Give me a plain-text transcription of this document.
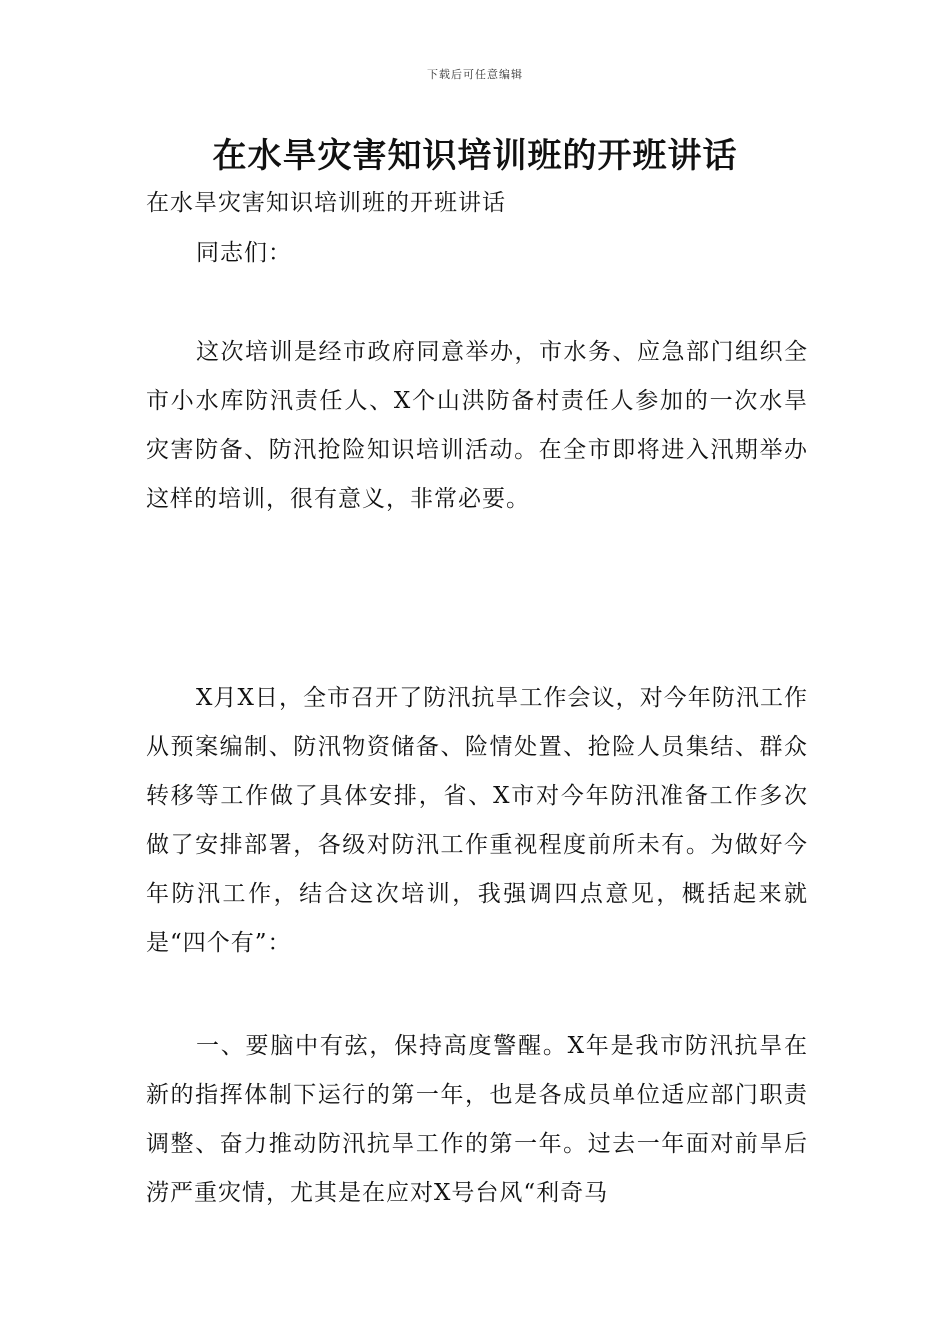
下载后可任意编辑
在水旱灾害知识培训班的开班讲话
在水旱灾害知识培训班的开班讲话
同志们：

这次培训是经市政府同意举办，市水务、应急部门组织全市小水库防汛责任人、X个山洪防备村责任人参加的一次水旱灾害防备、防汛抢险知识培训活动。在全市即将进入汛期举办这样的培训，很有意义，非常必要。

X月X日，全市召开了防汛抗旱工作会议，对今年防汛工作从预案编制、防汛物资储备、险情处置、抢险人员集结、群众转移等工作做了具体安排，省、X市对今年防汛准备工作多次做了安排部署，各级对防汛工作重视程度前所未有。为做好今年防汛工作，结合这次培训，我强调四点意见，概括起来就是“四个有”：

一、要脑中有弦，保持高度警醒。X年是我市防汛抗旱在新的指挥体制下运行的第一年，也是各成员单位适应部门职责调整、奋力推动防汛抗旱工作的第一年。过去一年面对前旱后涝严重灾情，尤其是在应对X号台风“利奇马
